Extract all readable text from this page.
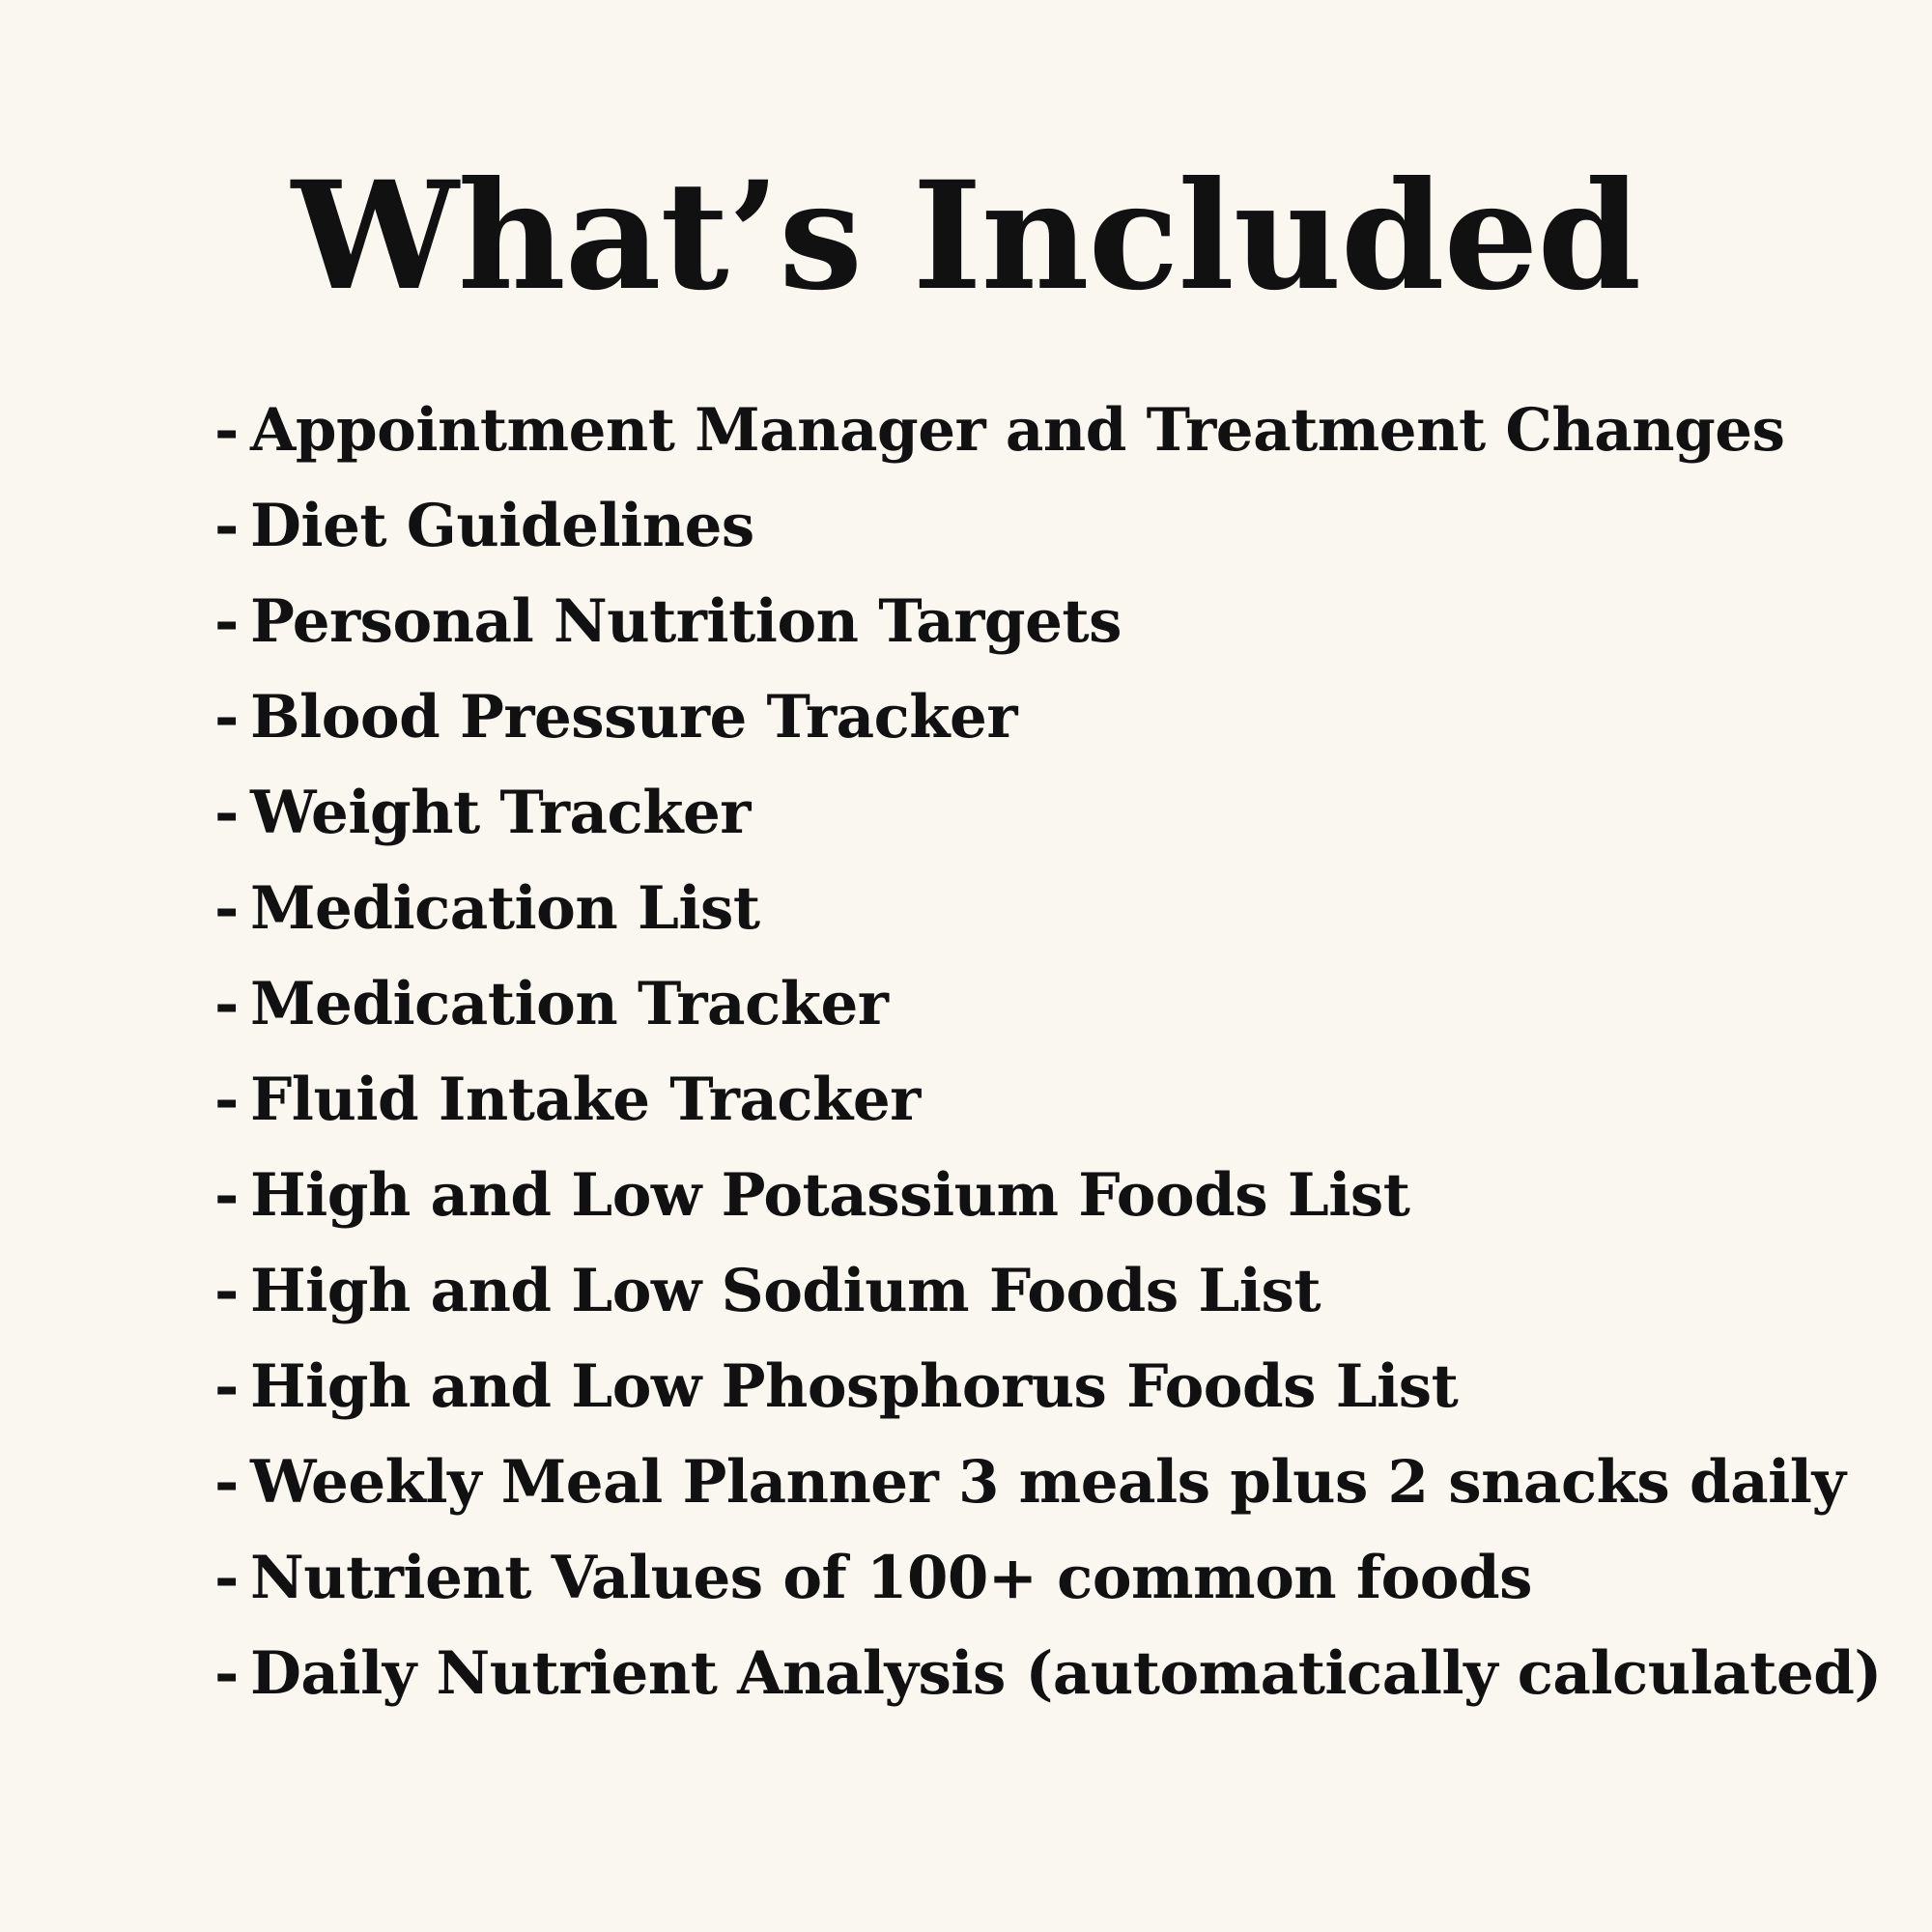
What’s Included
- Appointment Manager and Treatment Changes
- Diet Guidelines
- Personal Nutrition Targets
- Blood Pressure Tracker
- Weight Tracker
- Medication List
- Medication Tracker
- Fluid Intake Tracker
- High and Low Potassium Foods List
- High and Low Sodium Foods List
- High and Low Phosphorus Foods List
- Weekly Meal Planner 3 meals plus 2 snacks daily
- Nutrient Values of 100+ common foods
- Daily Nutrient Analysis (automatically calculated)
